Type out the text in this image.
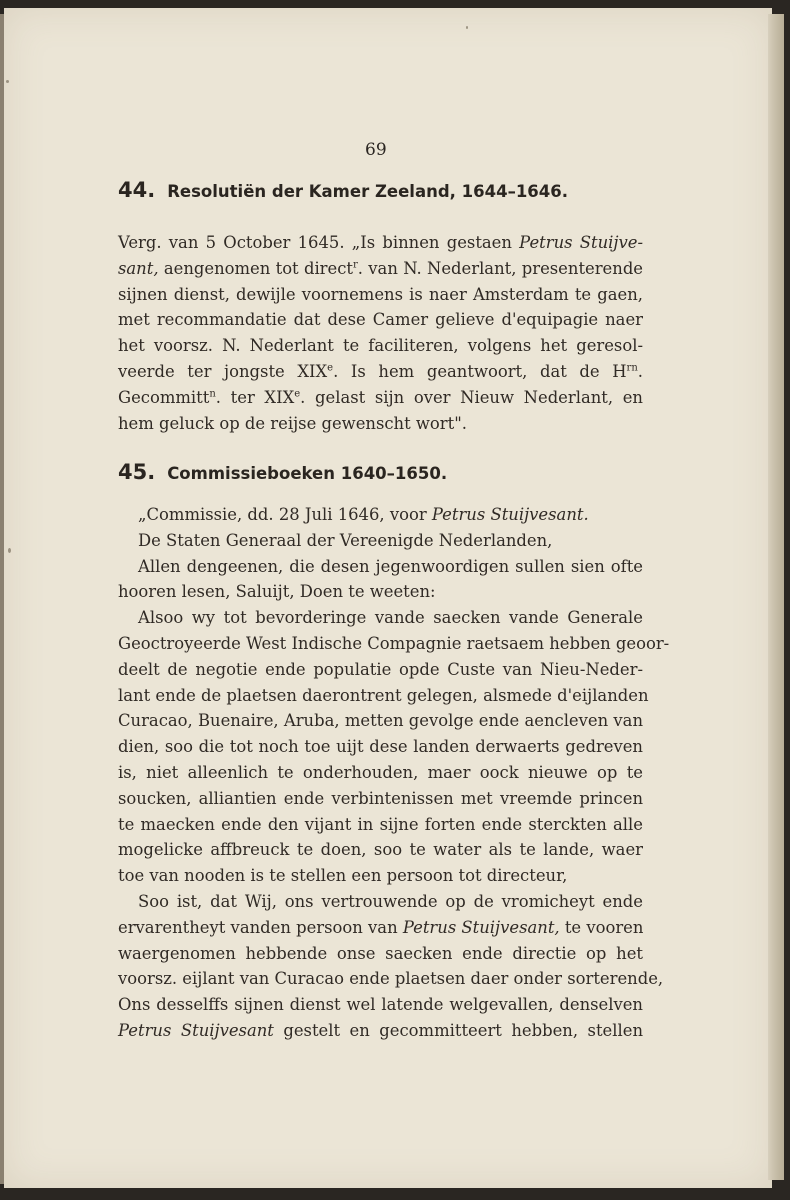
69
44. Resolutiën der Kamer Zeeland, 1644–1646.
Verg. van 5 October 1645. „Is binnen gestaen Petrus Stuijve-
sant, aengenomen tot direct$^r$. van N. Nederlant, presenterende
sijnen dienst, dewijle voornemens is naer Amsterdam te gaen,
met recommandatie dat dese Camer gelieve d'equipagie naer
het voorsz. N. Nederlant te faciliteren, volgens het geresol-
veerde ter jongste XIXe. Is hem geantwoort, dat de $H^{rn}$.
Gecommitt$^n$. ter XIXe. gelast sijn over Nieuw Nederlant, en
hem geluck op de reijse gewenscht wort".
45. Commissieboeken 1640–1650.
„Commissie, dd. 28 Juli 1646, voor Petrus Stuijvesant.
De Staten Generaal der Vereenigde Nederlanden,
Allen dengeenen, die desen jegenwoordigen sullen sien ofte
hooren lesen, Saluijt, Doen te weeten:
Alsoo wy tot bevorderinge vande saecken vande Generale
Geoctroyeerde West Indische Compagnie raetsaem hebben geoor-
deelt de negotie ende populatie opde Custe van Nieu-Neder-
lant ende de plaetsen daerontrent gelegen, alsmede d'eijlanden
Curacao, Buenaire, Aruba, metten gevolge ende aencleven van
dien, soo die tot noch toe uijt dese landen derwaerts gedreven
is, niet alleenlich te onderhouden, maer oock nieuwe op te
soucken, alliantien ende verbintenissen met vreemde princen
te maecken ende den vijant in sijne forten ende sterckten alle
mogelicke affbreuck te doen, soo te water als te lande, waer
toe van nooden is te stellen een persoon tot directeur,
Soo ist, dat Wij, ons vertrouwende op de vromicheyt ende
ervarentheyt vanden persoon van Petrus Stuijvesant, te vooren
waergenomen hebbende onse saecken ende directie op het
voorsz. eijlant van Curacao ende plaetsen daer onder sorterende,
Ons desselffs sijnen dienst wel latende welgevallen, denselven
Petrus Stuijvesant gestelt en gecommitteert hebben, stellen
